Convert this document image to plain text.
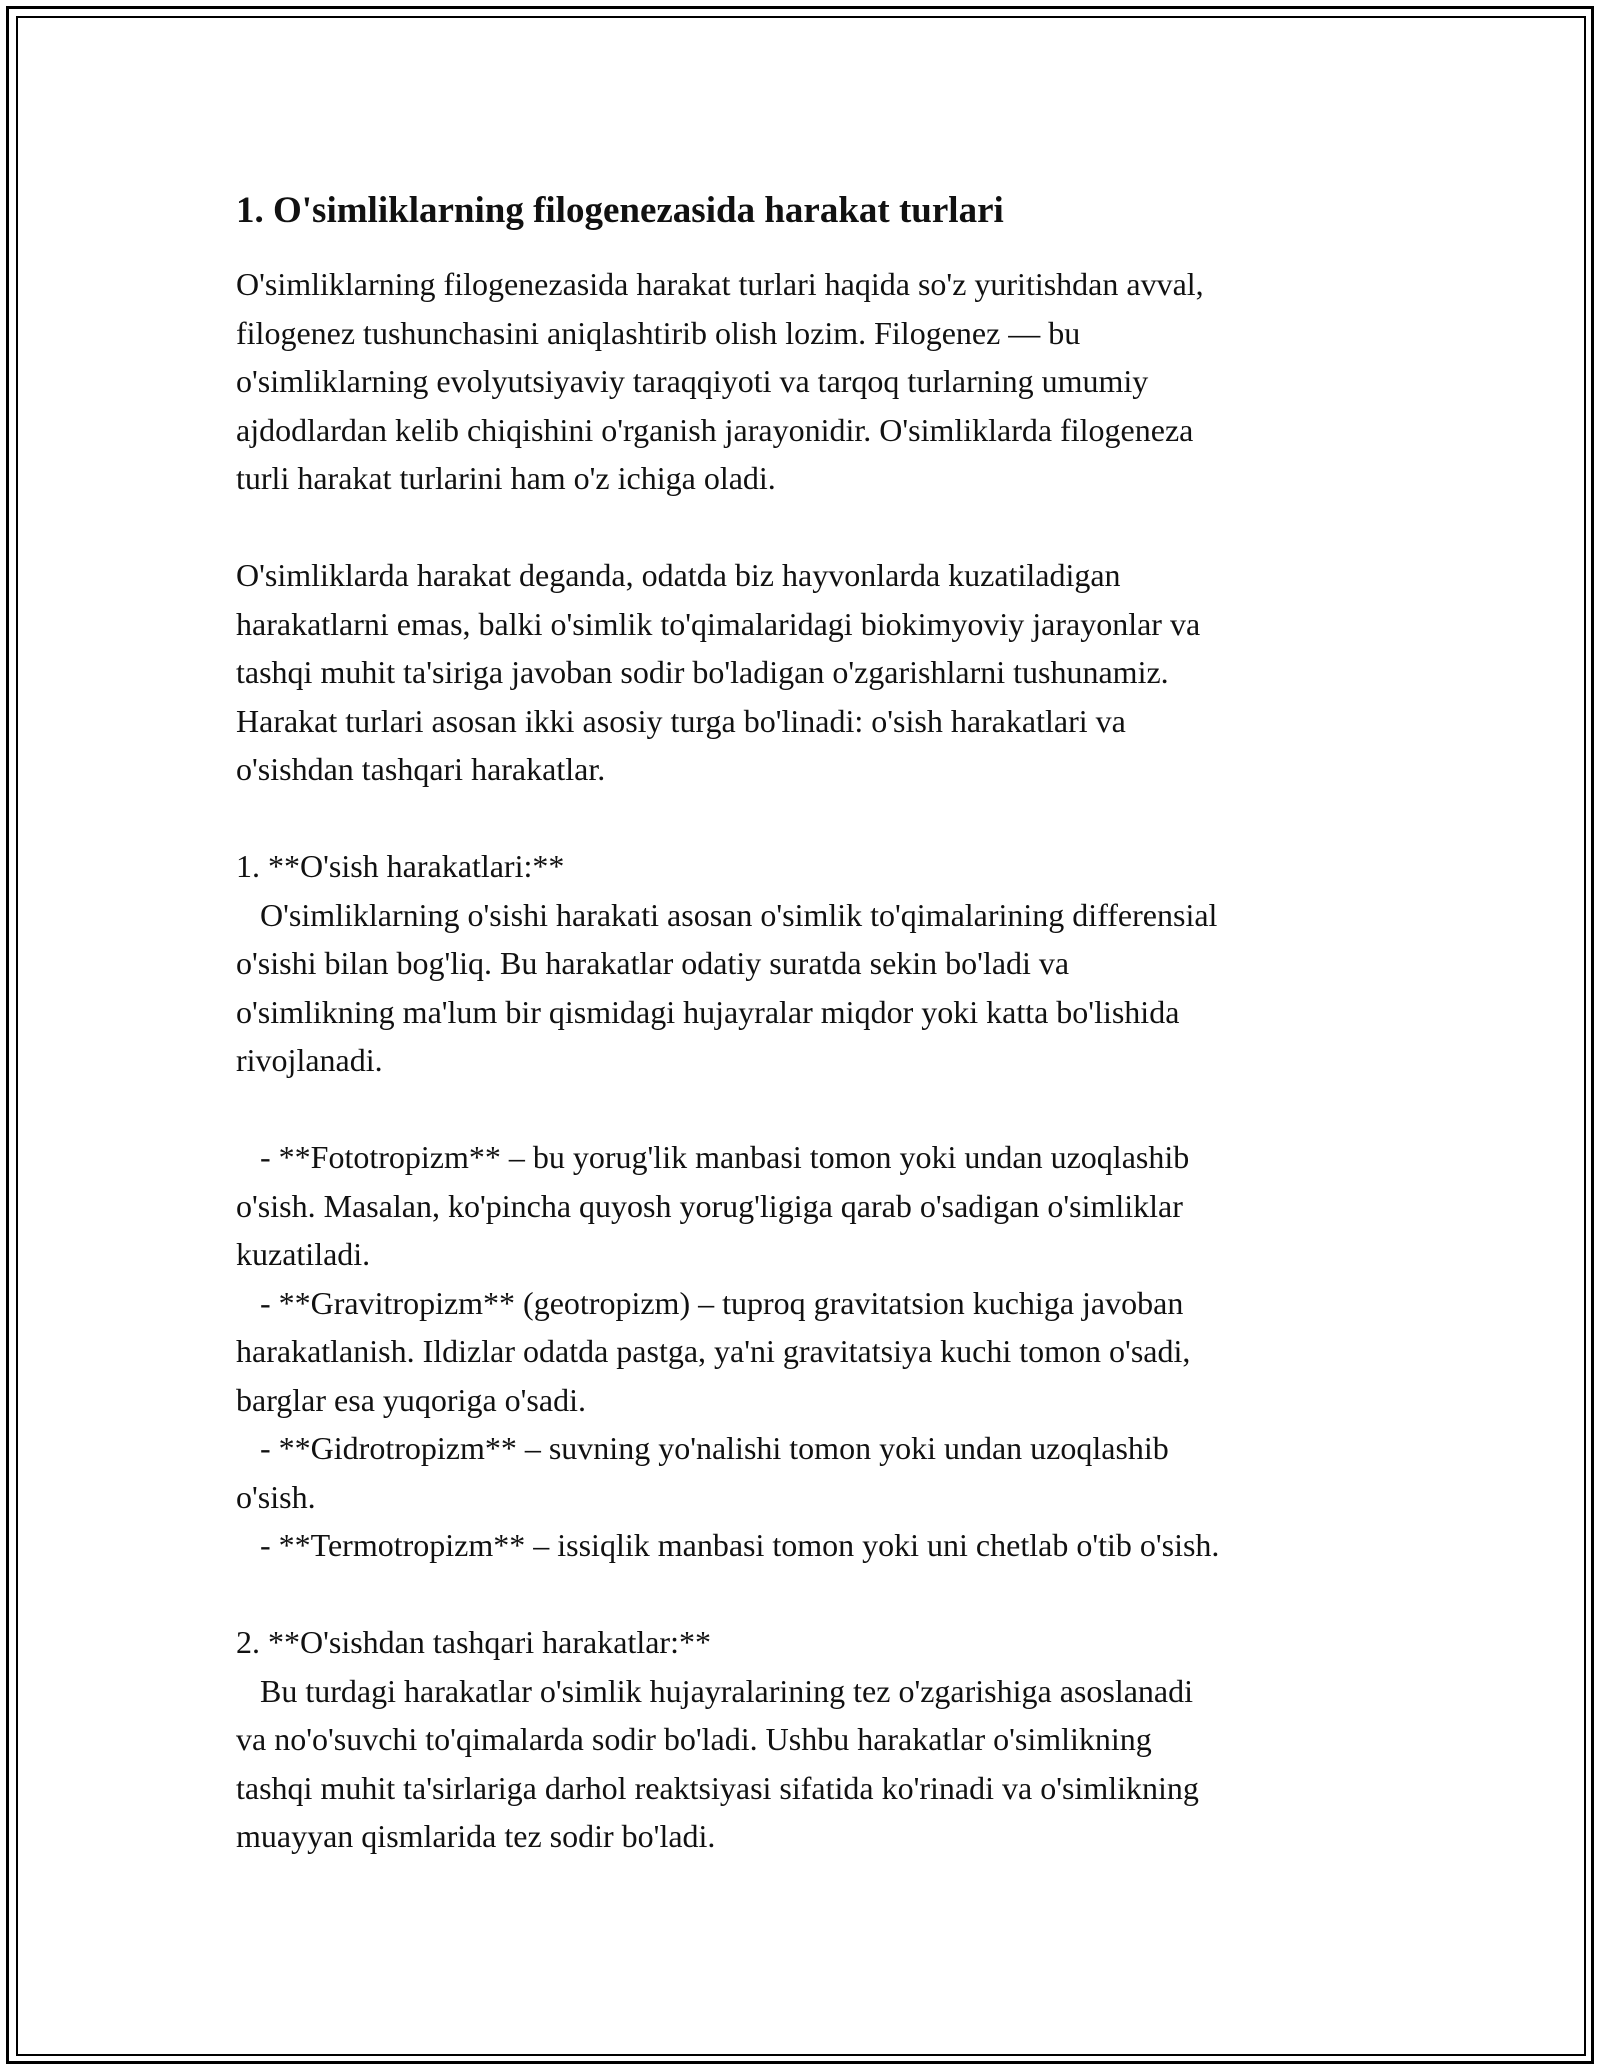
1. O'simliklarning filogenezasida harakat turlari
O'simliklarning filogenezasida harakat turlari haqida so'z yuritishdan avval,
filogenez tushunchasini aniqlashtirib olish lozim. Filogenez — bu
o'simliklarning evolyutsiyaviy taraqqiyoti va tarqoq turlarning umumiy
ajdodlardan kelib chiqishini o'rganish jarayonidir. O'simliklarda filogeneza
turli harakat turlarini ham o'z ichiga oladi.
O'simliklarda harakat deganda, odatda biz hayvonlarda kuzatiladigan
harakatlarni emas, balki o'simlik to'qimalaridagi biokimyoviy jarayonlar va
tashqi muhit ta'siriga javoban sodir bo'ladigan o'zgarishlarni tushunamiz.
Harakat turlari asosan ikki asosiy turga bo'linadi: o'sish harakatlari va
o'sishdan tashqari harakatlar.
1. **O'sish harakatlari:**
O'simliklarning o'sishi harakati asosan o'simlik to'qimalarining differensial
o'sishi bilan bog'liq. Bu harakatlar odatiy suratda sekin bo'ladi va
o'simlikning ma'lum bir qismidagi hujayralar miqdor yoki katta bo'lishida
rivojlanadi.
- **Fototropizm** – bu yorug'lik manbasi tomon yoki undan uzoqlashib
o'sish. Masalan, ko'pincha quyosh yorug'ligiga qarab o'sadigan o'simliklar
kuzatiladi.
- **Gravitropizm** (geotropizm) – tuproq gravitatsion kuchiga javoban
harakatlanish. Ildizlar odatda pastga, ya'ni gravitatsiya kuchi tomon o'sadi,
barglar esa yuqoriga o'sadi.
- **Gidrotropizm** – suvning yo'nalishi tomon yoki undan uzoqlashib
o'sish.
- **Termotropizm** – issiqlik manbasi tomon yoki uni chetlab o'tib o'sish.
2. **O'sishdan tashqari harakatlar:**
Bu turdagi harakatlar o'simlik hujayralarining tez o'zgarishiga asoslanadi
va no'o'suvchi to'qimalarda sodir bo'ladi. Ushbu harakatlar o'simlikning
tashqi muhit ta'sirlariga darhol reaktsiyasi sifatida ko'rinadi va o'simlikning
muayyan qismlarida tez sodir bo'ladi.
